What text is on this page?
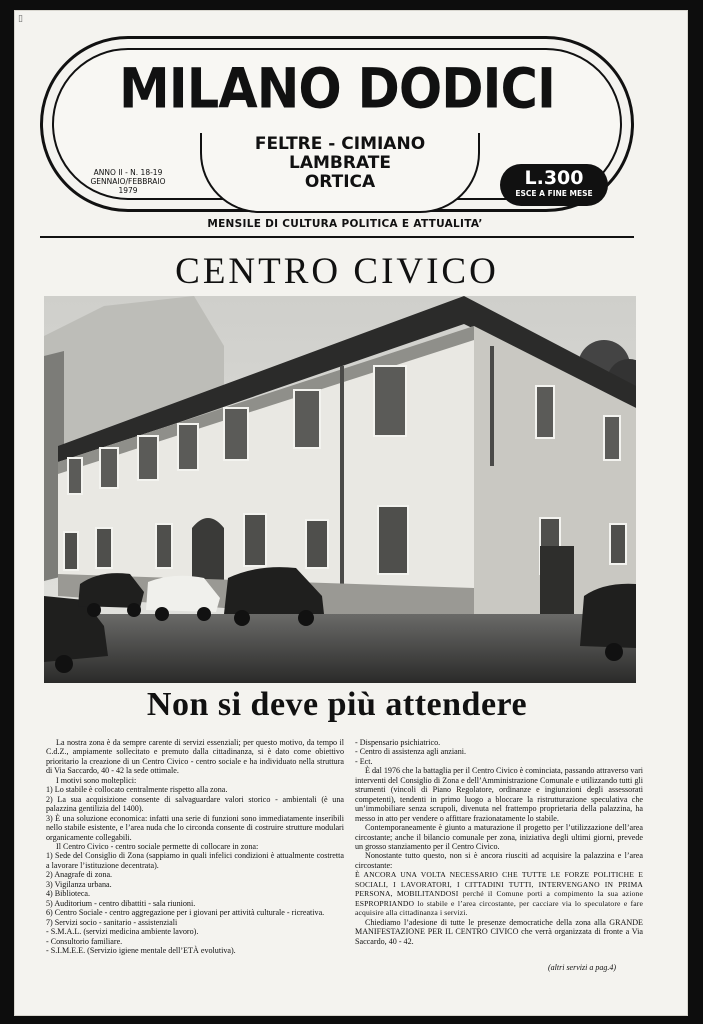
▯
MILANO DODICI
FELTRE - CIMIANO
LAMBRATE
ORTICA
ANNO II - N. 18-19
GENNAIO/FEBBRAIO
1979
L.300
ESCE A FINE MESE
MENSILE DI CULTURA POLITICA E ATTUALITA’
CENTRO CIVICO
Non si deve più attendere

La nostra zona è da sempre carente di servizi essenziali; per questo motivo, da tempo il C.d.Z., ampiamente sollecitato e premuto dalla cittadinanza, si è dato come obiettivo prioritario la creazione di un Centro Civico - centro sociale e ha individuato nella struttura di Via Saccardo, 40 - 42 la sede ottimale.

I motivi sono molteplici:

1) Lo stabile è collocato centralmente rispetto alla zona.

2) La sua acquisizione consente di salvaguardare valori storico - ambientali (è una palazzina gentilizia del 1400).

3) È una soluzione economica: infatti una serie di funzioni sono immediatamente inseribili nello stabile esistente, e l’area nuda che lo circonda consente di costruire strutture modulari organicamente collegabili.

Il Centro Civico - centro sociale permette di collocare in zona:

1) Sede del Consiglio di Zona (sappiamo in quali infelici condizioni è attualmente costretta a lavorare l’istituzione decentrata).

2) Anagrafe di zona.

3) Vigilanza urbana.

4) Biblioteca.

5) Auditorium - centro dibattiti - sala riunioni.

6) Centro Sociale - centro aggregazione per i giovani per attività culturale - ricreativa.

7) Servizi socio - sanitario - assistenziali

- S.M.A.L. (servizi medicina ambiente lavoro).

- Consultorio familiare.

- S.I.M.E.E. (Servizio igiene mentale dell’ETÀ evolutiva).

- Dispensario psichiatrico.

- Centro di assistenza agli anziani.

- Ect.

È dal 1976 che la battaglia per il Centro Civico è cominciata, passando attraverso vari interventi del Consiglio di Zona e dell’Amministrazione Comunale e utilizzando tutti gli strumenti (vincoli di Piano Regolatore, ordinanze e ingiunzioni degli assessorati competenti), tendenti in primo luogo a bloccare la ristrutturazione speculativa che un’immobiliare senza scrupoli, divenuta nel frattempo proprietaria della palazzina, ha messo in atto per vendere o affittare frazionatamente lo stabile.

Contemporaneamente è giunto a maturazione il progetto per l’utilizzazione dell’area circostante; anche il bilancio comunale per zona, iniziativa degli ultimi giorni, prevede un grosso stanziamento per il Centro Civico.

Nonostante tutto questo, non si è ancora riusciti ad acquisire la palazzina e l’area circostante:

È ANCORA UNA VOLTA NECESSARIO CHE TUTTE LE FORZE POLITICHE E SOCIALI, I LAVORATORI, I CITTADINI TUTTI, INTERVENGANO IN PRIMA PERSONA, MOBILITANDOSI perché il Comune porti a compimento la sua azione ESPROPRIANDO lo stabile e l’area circostante, per cacciare via lo speculatore e fare acquisire alla cittadinanza i servizi.

Chiediamo l’adesione di tutte le presenze democratiche della zona alla GRANDE MANIFESTAZIONE PER IL CENTRO CIVICO che verrà organizzata di fronte a Via Saccardo, 40 - 42.

(altri servizi a pag.4)
